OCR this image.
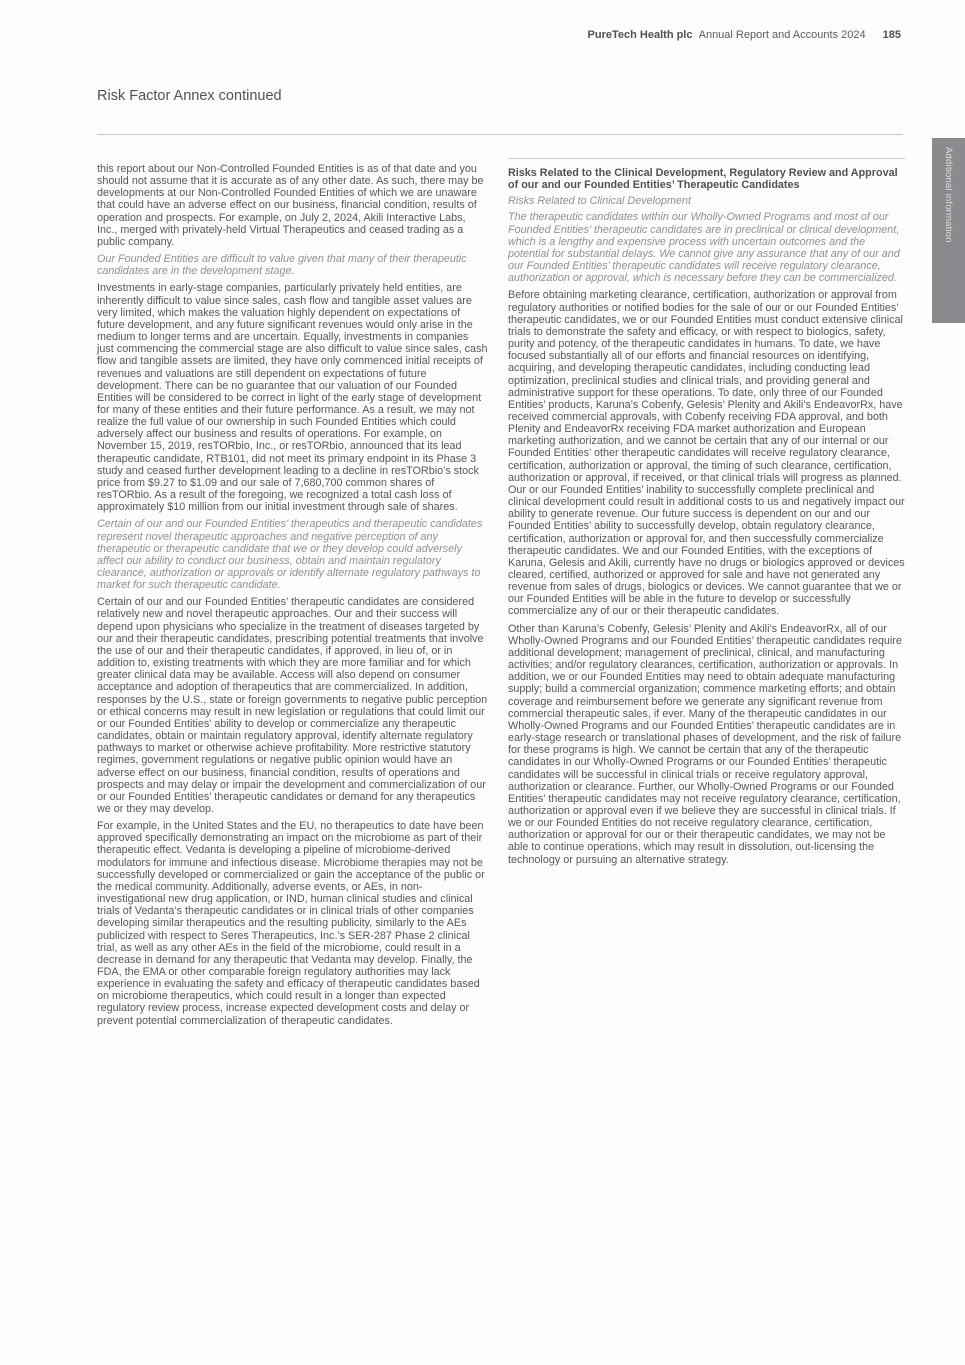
PureTech Health plc Annual Report and Accounts 2024 185
Risk Factor Annex continued
Additional information

this report about our Non-Controlled Founded Entities is as of that date and you should not assume that it is accurate as of any other date. As such, there may be developments at our Non-Controlled Founded Entities of which we are unaware that could have an adverse effect on our business, financial condition, results of operation and prospects. For example, on July 2, 2024, Akili Interactive Labs, Inc., merged with privately-held Virtual Therapeutics and ceased trading as a public company.

Our Founded Entities are difficult to value given that many of their therapeutic candidates are in the development stage.

Investments in early-stage companies, particularly privately held entities, are inherently difficult to value since sales, cash flow and tangible asset values are very limited, which makes the valuation highly dependent on expectations of future development, and any future significant revenues would only arise in the medium to longer terms and are uncertain. Equally, investments in companies just commencing the commercial stage are also difficult to value since sales, cash flow and tangible assets are limited, they have only commenced initial receipts of revenues and valuations are still dependent on expectations of future development. There can be no guarantee that our valuation of our Founded Entities will be considered to be correct in light of the early stage of development for many of these entities and their future performance. As a result, we may not realize the full value of our ownership in such Founded Entities which could adversely affect our business and results of operations. For example, on November 15, 2019, resTORbio, Inc., or resTORbio, announced that its lead therapeutic candidate, RTB101, did not meet its primary endpoint in its Phase 3 study and ceased further development leading to a decline in resTORbio’s stock price from $9.27 to $1.09 and our sale of 7,680,700 common shares of resTORbio. As a result of the foregoing, we recognized a total cash loss of approximately $10 million from our initial investment through sale of shares.

Certain of our and our Founded Entities’ therapeutics and therapeutic candidates represent novel therapeutic approaches and negative perception of any therapeutic or therapeutic candidate that we or they develop could adversely affect our ability to conduct our business, obtain and maintain regulatory clearance, authorization or approvals or identify alternate regulatory pathways to market for such therapeutic candidate.

Certain of our and our Founded Entities’ therapeutic candidates are considered relatively new and novel therapeutic approaches. Our and their success will depend upon physicians who specialize in the treatment of diseases targeted by our and their therapeutic candidates, prescribing potential treatments that involve the use of our and their therapeutic candidates, if approved, in lieu of, or in addition to, existing treatments with which they are more familiar and for which greater clinical data may be available. Access will also depend on consumer acceptance and adoption of therapeutics that are commercialized. In addition, responses by the U.S., state or foreign governments to negative public perception or ethical concerns may result in new legislation or regulations that could limit our or our Founded Entities’ ability to develop or commercialize any therapeutic candidates, obtain or maintain regulatory approval, identify alternate regulatory pathways to market or otherwise achieve profitability. More restrictive statutory regimes, government regulations or negative public opinion would have an adverse effect on our business, financial condition, results of operations and prospects and may delay or impair the development and commercialization of our or our Founded Entities’ therapeutic candidates or demand for any therapeutics we or they may develop.

For example, in the United States and the EU, no therapeutics to date have been approved specifically demonstrating an impact on the microbiome as part of their therapeutic effect. Vedanta is developing a pipeline of microbiome-derived modulators for immune and infectious disease. Microbiome therapies may not be successfully developed or commercialized or gain the acceptance of the public or the medical community. Additionally, adverse events, or AEs, in non-investigational new drug application, or IND, human clinical studies and clinical trials of Vedanta’s therapeutic candidates or in clinical trials of other companies developing similar therapeutics and the resulting publicity, similarly to the AEs publicized with respect to Seres Therapeutics, Inc.’s SER-287 Phase 2 clinical trial, as well as any other AEs in the field of the microbiome, could result in a decrease in demand for any therapeutic that Vedanta may develop. Finally, the FDA, the EMA or other comparable foreign regulatory authorities may lack experience in evaluating the safety and efficacy of therapeutic candidates based on microbiome therapeutics, which could result in a longer than expected regulatory review process, increase expected development costs and delay or prevent potential commercialization of therapeutic candidates.

Risks Related to the Clinical Development, Regulatory Review and Approval of our and our Founded Entities’ Therapeutic Candidates

Risks Related to Clinical Development

The therapeutic candidates within our Wholly-Owned Programs and most of our Founded Entities’ therapeutic candidates are in preclinical or clinical development, which is a lengthy and expensive process with uncertain outcomes and the potential for substantial delays. We cannot give any assurance that any of our and our Founded Entities’ therapeutic candidates will receive regulatory clearance, authorization or approval, which is necessary before they can be commercialized.

Before obtaining marketing clearance, certification, authorization or approval from regulatory authorities or notified bodies for the sale of our or our Founded Entities’ therapeutic candidates, we or our Founded Entities must conduct extensive clinical trials to demonstrate the safety and efficacy, or with respect to biologics, safety, purity and potency, of the therapeutic candidates in humans. To date, we have focused substantially all of our efforts and financial resources on identifying, acquiring, and developing therapeutic candidates, including conducting lead optimization, preclinical studies and clinical trials, and providing general and administrative support for these operations. To date, only three of our Founded Entities’ products, Karuna’s Cobenfy, Gelesis’ Plenity and Akili’s EndeavorRx, have received commercial approvals, with Cobenfy receiving FDA approval, and both Plenity and EndeavorRx receiving FDA market authorization and European marketing authorization, and we cannot be certain that any of our internal or our Founded Entities’ other therapeutic candidates will receive regulatory clearance, certification, authorization or approval, the timing of such clearance, certification, authorization or approval, if received, or that clinical trials will progress as planned. Our or our Founded Entities’ inability to successfully complete preclinical and clinical development could result in additional costs to us and negatively impact our ability to generate revenue. Our future success is dependent on our and our Founded Entities’ ability to successfully develop, obtain regulatory clearance, certification, authorization or approval for, and then successfully commercialize therapeutic candidates. We and our Founded Entities, with the exceptions of Karuna, Gelesis and Akili, currently have no drugs or biologics approved or devices cleared, certified, authorized or approved for sale and have not generated any revenue from sales of drugs, biologics or devices. We cannot guarantee that we or our Founded Entities will be able in the future to develop or successfully commercialize any of our or their therapeutic candidates.

Other than Karuna’s Cobenfy, Gelesis’ Plenity and Akili’s EndeavorRx, all of our Wholly-Owned Programs and our Founded Entities’ therapeutic candidates require additional development; management of preclinical, clinical, and manufacturing activities; and/or regulatory clearances, certification, authorization or approvals. In addition, we or our Founded Entities may need to obtain adequate manufacturing supply; build a commercial organization; commence marketing efforts; and obtain coverage and reimbursement before we generate any significant revenue from commercial therapeutic sales, if ever. Many of the therapeutic candidates in our Wholly-Owned Programs and our Founded Entities’ therapeutic candidates are in early-stage research or translational phases of development, and the risk of failure for these programs is high. We cannot be certain that any of the therapeutic candidates in our Wholly-Owned Programs or our Founded Entities’ therapeutic candidates will be successful in clinical trials or receive regulatory approval, authorization or clearance. Further, our Wholly-Owned Programs or our Founded Entities’ therapeutic candidates may not receive regulatory clearance, certification, authorization or approval even if we believe they are successful in clinical trials. If we or our Founded Entities do not receive regulatory clearance, certification, authorization or approval for our or their therapeutic candidates, we may not be able to continue operations, which may result in dissolution, out-licensing the technology or pursuing an alternative strategy.
